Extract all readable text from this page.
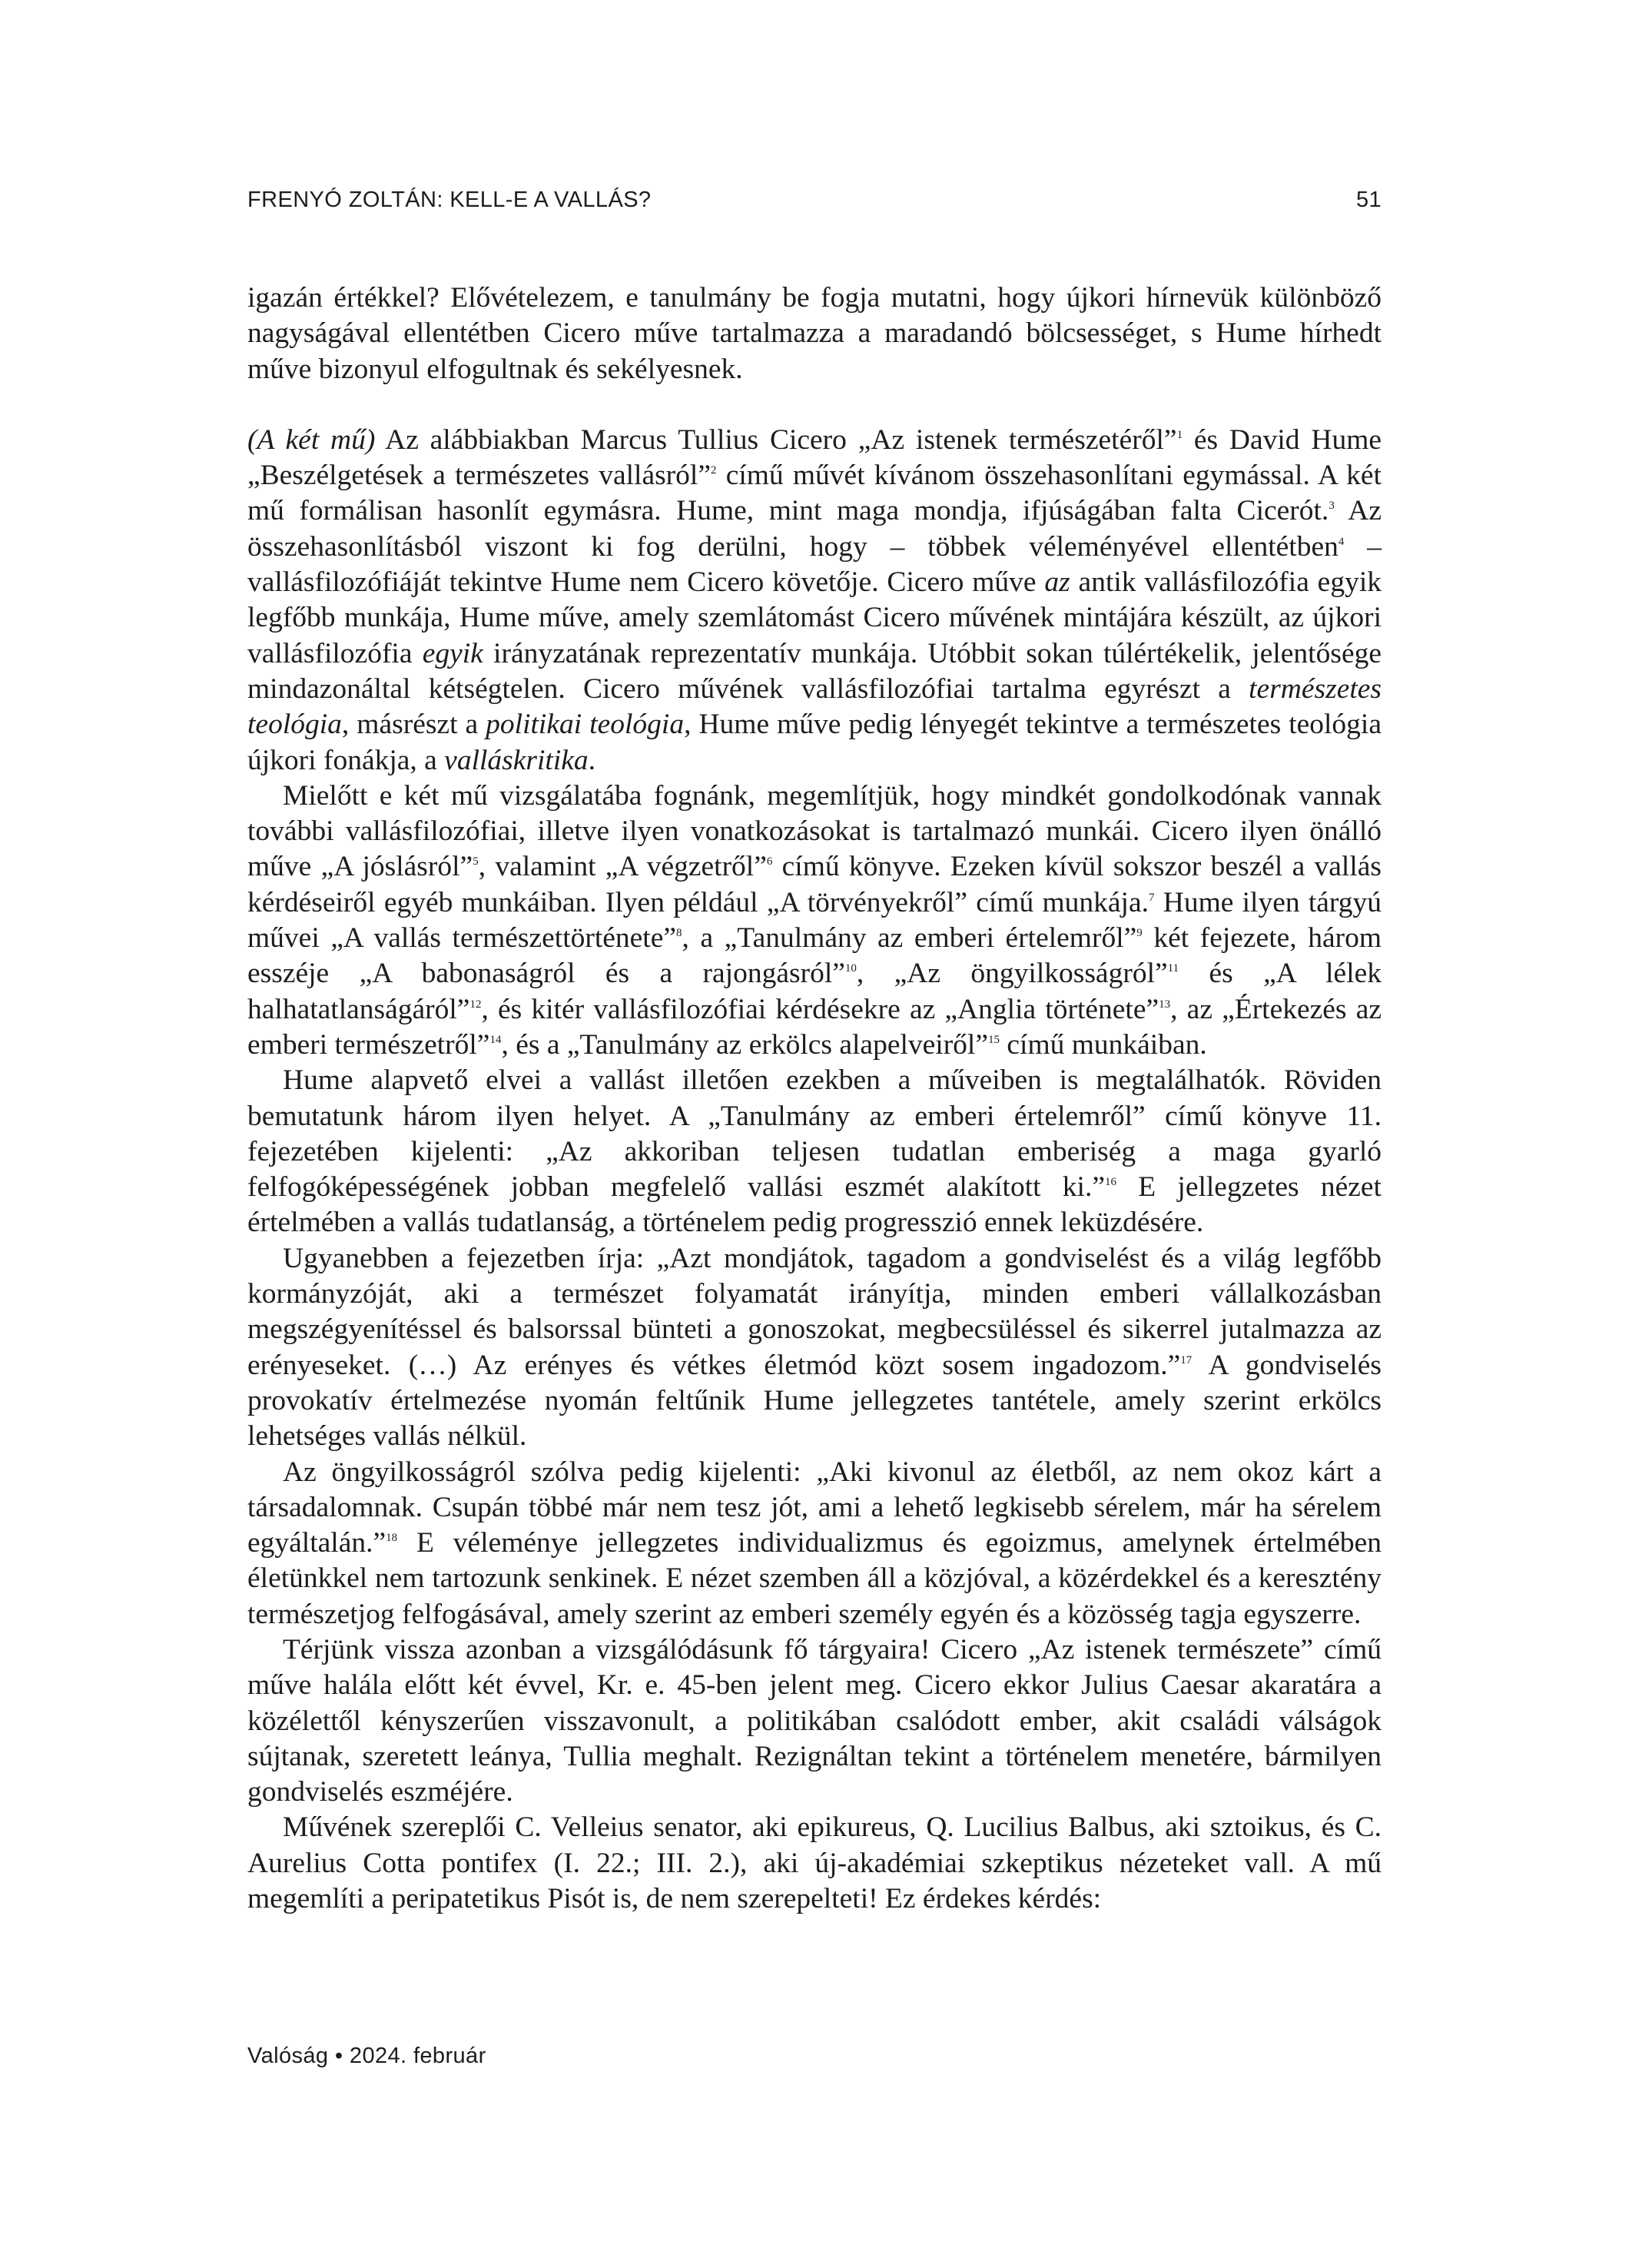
FRENYÓ ZOLTÁN: KELL-E A VALLÁS?	51

igazán értékkel? Elővételezem, e tanulmány be fogja mutatni, hogy újkori hírnevük különböző nagyságával ellentétben Cicero műve tartalmazza a maradandó bölcsességet, s Hume hírhedt műve bizonyul elfogultnak és sekélyesnek.

(A két mű) Az alábbiakban Marcus Tullius Cicero „Az istenek természetéről”$^1$ és David Hume „Beszélgetések a természetes vallásról”$^2$ című művét kívánom összehasonlítani egymással. A két mű formálisan hasonlít egymásra. Hume, mint maga mondja, ifjúságában falta Cicerót.$^3$ Az összehasonlításból viszont ki fog derülni, hogy – többek véleményével ellentétben$^4$ – vallásfilozófiáját tekintve Hume nem Cicero követője. Cicero műve az antik vallásfilozófia egyik legfőbb munkája, Hume műve, amely szemlátomást Cicero művének mintájára készült, az újkori vallásfilozófia egyik irányzatának reprezentatív munkája. Utóbbit sokan túlértékelik, jelentősége mindazonáltal kétségtelen. Cicero művének vallásfilozófiai tartalma egyrészt a természetes teológia, másrészt a politikai teológia, Hume műve pedig lényegét tekintve a természetes teológia újkori fonákja, a valláskritika.

Mielőtt e két mű vizsgálatába fognánk, megemlítjük, hogy mindkét gondolkodónak vannak további vallásfilozófiai, illetve ilyen vonatkozásokat is tartalmazó munkái. Cicero ilyen önálló műve „A jóslásról”$^5$, valamint „A végzetről”$^6$ című könyve. Ezeken kívül sokszor beszél a vallás kérdéseiről egyéb munkáiban. Ilyen például „A törvényekről” című munkája.$^7$ Hume ilyen tárgyú művei „A vallás természettörténete”$^8$, a „Tanulmány az emberi értelemről”$^9$ két fejezete, három esszéje „A babonaságról és a rajongásról”$^{10}$, „Az öngyilkosságról”$^{11}$ és „A lélek halhatatlanságáról”$^{12}$, és kitér vallásfilozófiai kérdésekre az „Anglia története”$^{13}$, az „Értekezés az emberi természetről”$^{14}$, és a „Tanulmány az erkölcs alapelveiről”$^{15}$ című munkáiban.

Hume alapvető elvei a vallást illetően ezekben a műveiben is megtalálhatók. Röviden bemutatunk három ilyen helyet. A „Tanulmány az emberi értelemről” című könyve 11. fejezetében kijelenti: „Az akkoriban teljesen tudatlan emberiség a maga gyarló felfogóképességének jobban megfelelő vallási eszmét alakított ki.”$^{16}$ E jellegzetes nézet értelmében a vallás tudatlanság, a történelem pedig progresszió ennek leküzdésére.

Ugyanebben a fejezetben írja: „Azt mondjátok, tagadom a gondviselést és a világ legfőbb kormányzóját, aki a természet folyamatát irányítja, minden emberi vállalkozásban megszégyenítéssel és balsorssal bünteti a gonoszokat, megbecsüléssel és sikerrel jutalmazza az erényeseket. (…) Az erényes és vétkes életmód közt sosem ingadozom.”$^{17}$ A gondviselés provokatív értelmezése nyomán feltűnik Hume jellegzetes tantétele, amely szerint erkölcs lehetséges vallás nélkül.

Az öngyilkosságról szólva pedig kijelenti: „Aki kivonul az életből, az nem okoz kárt a társadalomnak. Csupán többé már nem tesz jót, ami a lehető legkisebb sérelem, már ha sérelem egyáltalán.”$^{18}$ E véleménye jellegzetes individualizmus és egoizmus, amelynek értelmében életünkkel nem tartozunk senkinek. E nézet szemben áll a közjóval, a közérdekkel és a keresztény természetjog felfogásával, amely szerint az emberi személy egyén és a közösség tagja egyszerre.

Térjünk vissza azonban a vizsgálódásunk fő tárgyaira! Cicero „Az istenek természete” című műve halála előtt két évvel, Kr. e. 45-ben jelent meg. Cicero ekkor Julius Caesar akaratára a közélettől kényszerűen visszavonult, a politikában csalódott ember, akit családi válságok sújtanak, szeretett leánya, Tullia meghalt. Rezignáltan tekint a történelem menetére, bármilyen gondviselés eszméjére.

Művének szereplői C. Velleius senator, aki epikureus, Q. Lucilius Balbus, aki sztoikus, és C. Aurelius Cotta pontifex (I. 22.; III. 2.), aki új-akadémiai szkeptikus nézeteket vall. A mű megemlíti a peripatetikus Pisót is, de nem szerepelteti! Ez érdekes kérdés:

Valóság • 2024. február
